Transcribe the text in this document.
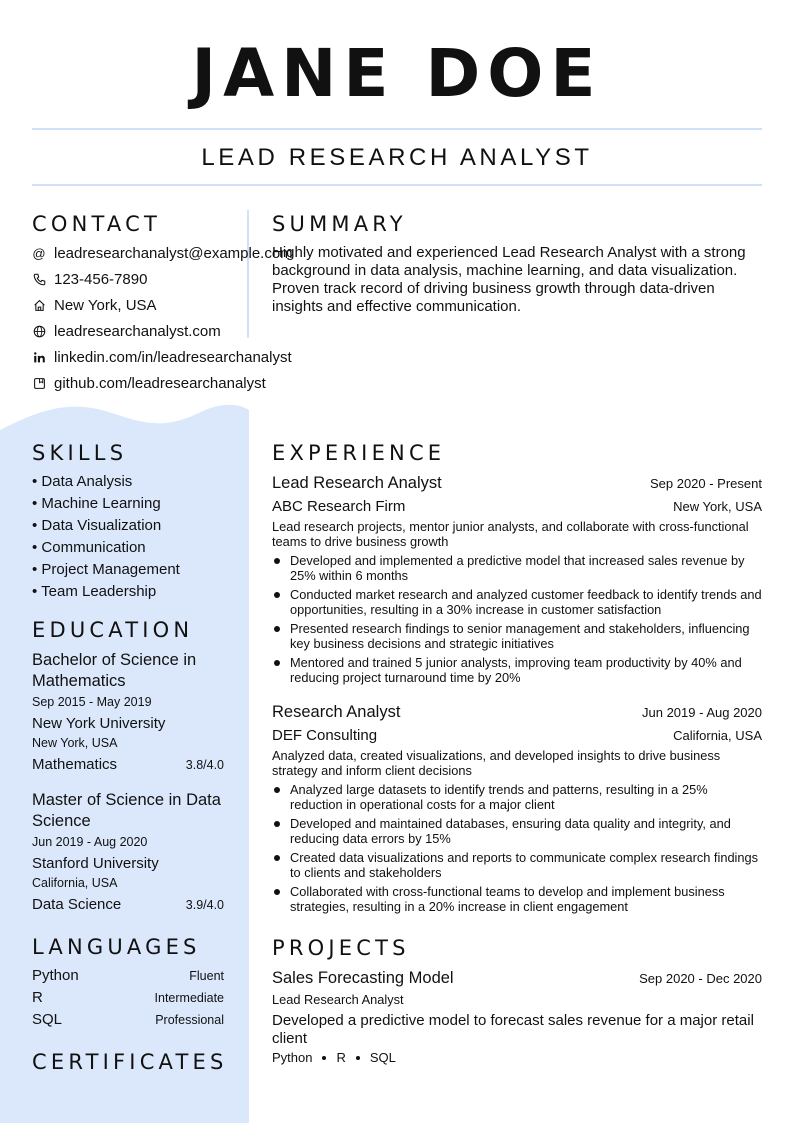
JANE DOE
LEAD RESEARCH ANALYST
CONTACT
@ leadresearchanalyst@example.com
123-456-7890
New York, USA
leadresearchanalyst.com
linkedin.com/in/leadresearchanalyst
github.com/leadresearchanalyst
SUMMARY
Highly motivated and experienced Lead Research Analyst with a strong background in data analysis, machine learning, and data visualization. Proven track record of driving business growth through data-driven insights and effective communication.
SKILLS
• Data Analysis
• Machine Learning
• Data Visualization
• Communication
• Project Management
• Team Leadership
EDUCATION
Bachelor of Science in Mathematics
Sep 2015 - May 2019
New York University
New York, USA
Mathematics	3.8/4.0
Master of Science in Data Science
Jun 2019 - Aug 2020
Stanford University
California, USA
Data Science	3.9/4.0
LANGUAGES
Python	Fluent
R	Intermediate
SQL	Professional
CERTIFICATES
EXPERIENCE
Lead Research Analyst	Sep 2020 - Present
ABC Research Firm	New York, USA
Lead research projects, mentor junior analysts, and collaborate with cross-functional teams to drive business growth
Developed and implemented a predictive model that increased sales revenue by 25% within 6 months
Conducted market research and analyzed customer feedback to identify trends and opportunities, resulting in a 30% increase in customer satisfaction
Presented research findings to senior management and stakeholders, influencing key business decisions and strategic initiatives
Mentored and trained 5 junior analysts, improving team productivity by 40% and reducing project turnaround time by 20%
Research Analyst	Jun 2019 - Aug 2020
DEF Consulting	California, USA
Analyzed data, created visualizations, and developed insights to drive business strategy and inform client decisions
Analyzed large datasets to identify trends and patterns, resulting in a 25% reduction in operational costs for a major client
Developed and maintained databases, ensuring data quality and integrity, and reducing data errors by 15%
Created data visualizations and reports to communicate complex research findings to clients and stakeholders
Collaborated with cross-functional teams to develop and implement business strategies, resulting in a 20% increase in client engagement
PROJECTS
Sales Forecasting Model	Sep 2020 - Dec 2020
Lead Research Analyst
Developed a predictive model to forecast sales revenue for a major retail client
Python R SQL
